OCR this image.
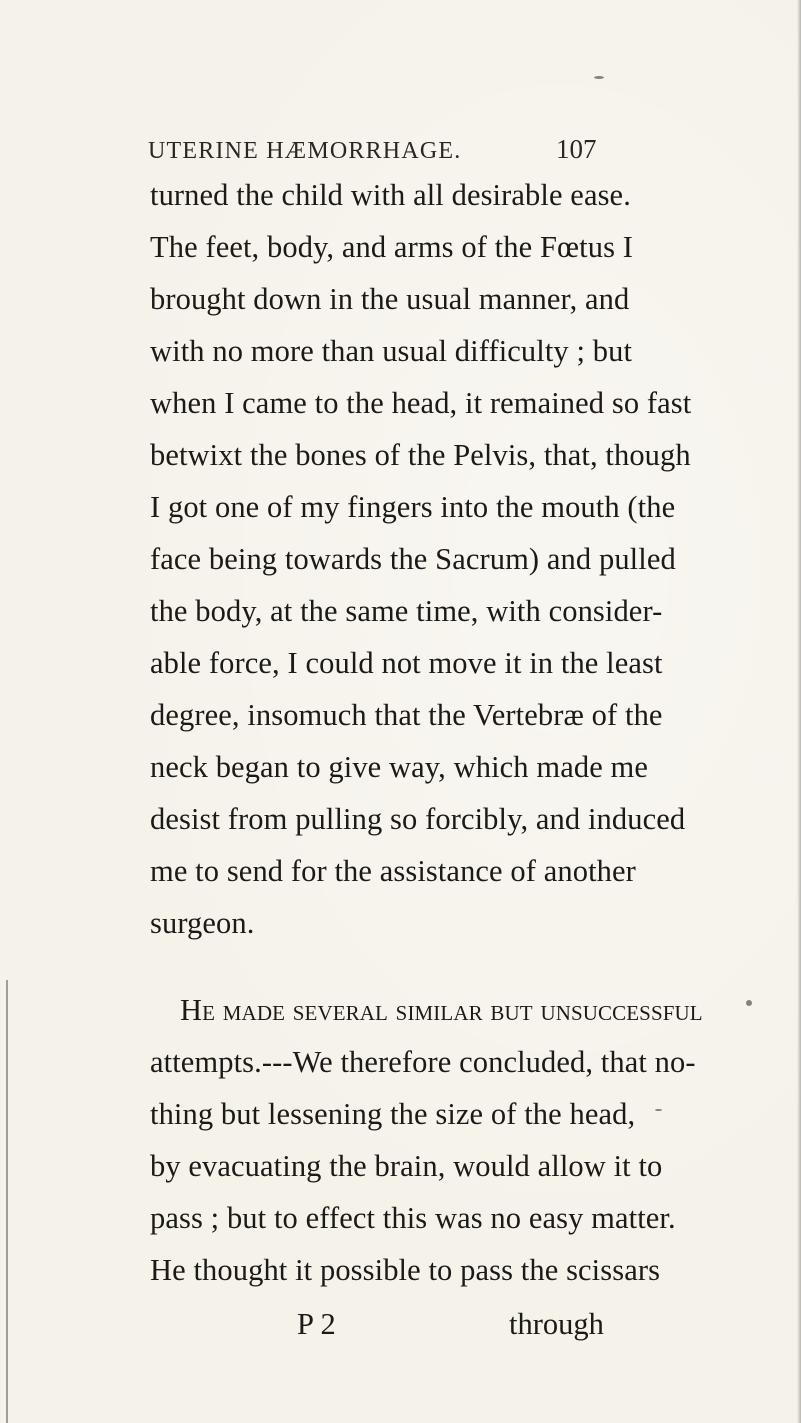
UTERINE HÆMORRHAGE.	107
turned the child with all desirable ease.
The feet, body, and arms of the Fœtus I
brought down in the usual manner, and
with no more than usual difficulty ; but
when I came to the head, it remained so fast
betwixt the bones of the Pelvis, that, though
I got one of my fingers into the mouth (the
face being towards the Sacrum) and pulled
the body, at the same time, with consider-
able force, I could not move it in the least
degree, insomuch that the Vertebræ of the
neck began to give way, which made me
desist from pulling so forcibly, and induced
me to send for the assistance of another
surgeon.
He made several similar but unsuccessful
attempts.---We therefore concluded, that no-
thing but lessening the size of the head,
by evacuating the brain, would allow it to
pass ; but to effect this was no easy matter.
He thought it possible to pass the scissars
P 2	through
